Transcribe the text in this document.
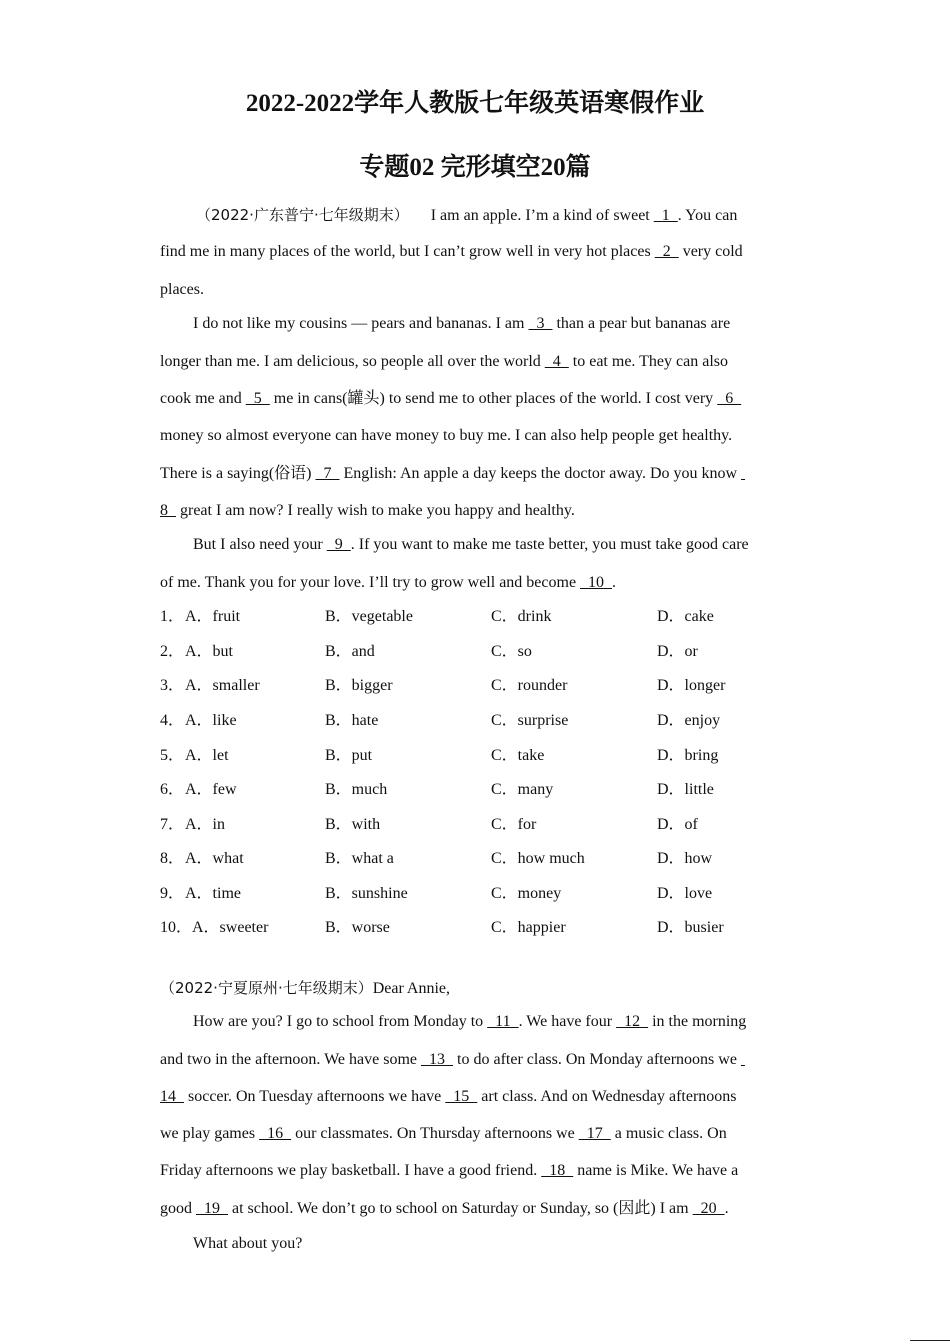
2022-2022学年人教版七年级英语寒假作业
专题02 完形填空20篇
（2022·广东普宁·七年级期末） I am an apple. I’m a kind of sweet   1  . You can
find me in many places of the world, but I can’t grow well in very hot places   2   very cold
places.
I do not like my cousins — pears and bananas. I am   3   than a pear but bananas are
longer than me. I am delicious, so people all over the world   4   to eat me. They can also
cook me and   5   me in cans(罐头) to send me to other places of the world. I cost very   6
money so almost everyone can have money to buy me. I can also help people get healthy.
There is a saying(俗语)   7   English: An apple a day keeps the doctor away. Do you know
8   great I am now? I really wish to make you happy and healthy.
But I also need your   9  . If you want to make me taste better, you must take good care
of me. Thank you for your love. I’ll try to grow well and become   10  .
1． A．fruit	B．vegetable	C．drink	D．cake
2． A．but	B．and	C．so	D．or
3． A．smaller	B．bigger	C．rounder	D．longer
4． A．like	B．hate	C．surprise	D．enjoy
5． A．let	B．put	C．take	D．bring
6． A．few	B．much	C．many	D．little
7． A．in	B．with	C．for	D．of
8． A．what	B．what a	C．how much	D．how
9． A．time	B．sunshine	C．money	D．love
10． A．sweeter	B．worse	C．happier	D．busier
（2022·宁夏原州·七年级期末）Dear Annie,
How are you? I go to school from Monday to   11  . We have four   12   in the morning
and two in the afternoon. We have some   13   to do after class. On Monday afternoons we
14   soccer. On Tuesday afternoons we have   15   art class. And on Wednesday afternoons
we play games   16   our classmates. On Thursday afternoons we   17   a music class. On
Friday afternoons we play basketball. I have a good friend.   18   name is Mike. We have a
good   19   at school. We don’t go to school on Saturday or Sunday, so (因此) I am   20  .
What about you?
